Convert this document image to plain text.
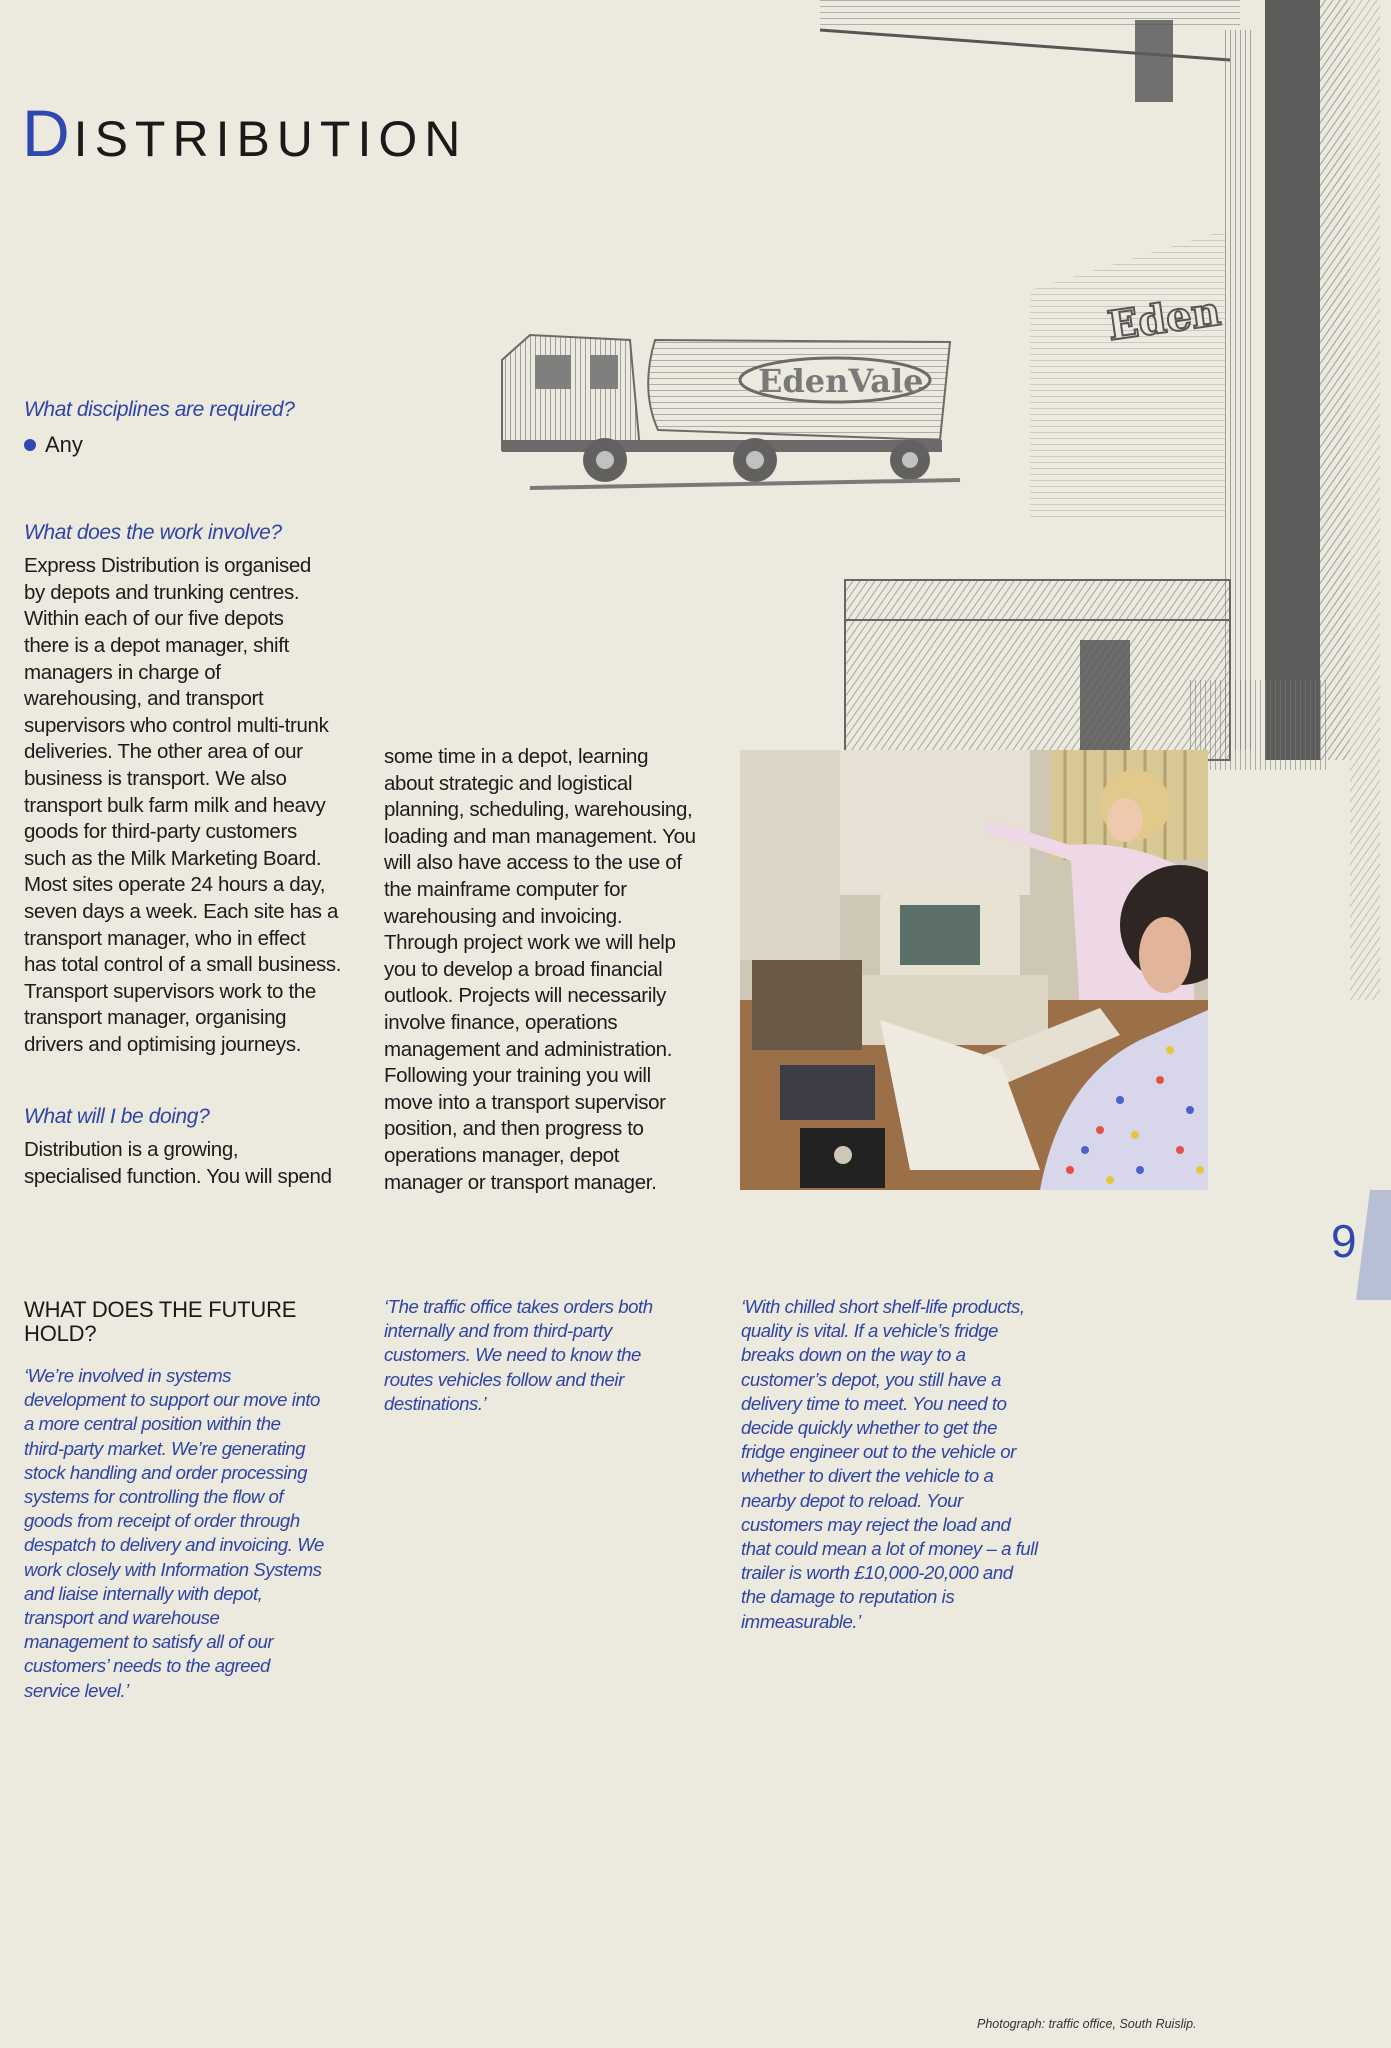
Eden
EdenVale
DISTRIBUTION
What disciplines are required?
Any
What does the work involve?
Express Distribution is organised
by depots and trunking centres.
Within each of our five depots
there is a depot manager, shift
managers in charge of
warehousing, and transport
supervisors who control multi-trunk
deliveries. The other area of our
business is transport. We also
transport bulk farm milk and heavy
goods for third-party customers
such as the Milk Marketing Board.
Most sites operate 24 hours a day,
seven days a week. Each site has a
transport manager, who in effect
has total control of a small business.
Transport supervisors work to the
transport manager, organising
drivers and optimising journeys.
What will I be doing?
Distribution is a growing,
specialised function. You will spend
some time in a depot, learning
about strategic and logistical
planning, scheduling, warehousing,
loading and man management. You
will also have access to the use of
the mainframe computer for
warehousing and invoicing.
Through project work we will help
you to develop a broad financial
outlook. Projects will necessarily
involve finance, operations
management and administration.
Following your training you will
move into a transport supervisor
position, and then progress to
operations manager, depot
manager or transport manager.
WHAT DOES THE FUTURE
HOLD?
‘We’re involved in systems
development to support our move into
a more central position within the
third-party market. We’re generating
stock handling and order processing
systems for controlling the flow of
goods from receipt of order through
despatch to delivery and invoicing. We
work closely with Information Systems
and liaise internally with depot,
transport and warehouse
management to satisfy all of our
customers’ needs to the agreed
service level.’
‘The traffic office takes orders both
internally and from third-party
customers. We need to know the
routes vehicles follow and their
destinations.’
‘With chilled short shelf-life products,
quality is vital. If a vehicle’s fridge
breaks down on the way to a
customer’s depot, you still have a
delivery time to meet. You need to
decide quickly whether to get the
fridge engineer out to the vehicle or
whether to divert the vehicle to a
nearby depot to reload. Your
customers may reject the load and
that could mean a lot of money – a full
trailer is worth £10,000-20,000 and
the damage to reputation is
immeasurable.’
9
Photograph: traffic office, South Ruislip.
